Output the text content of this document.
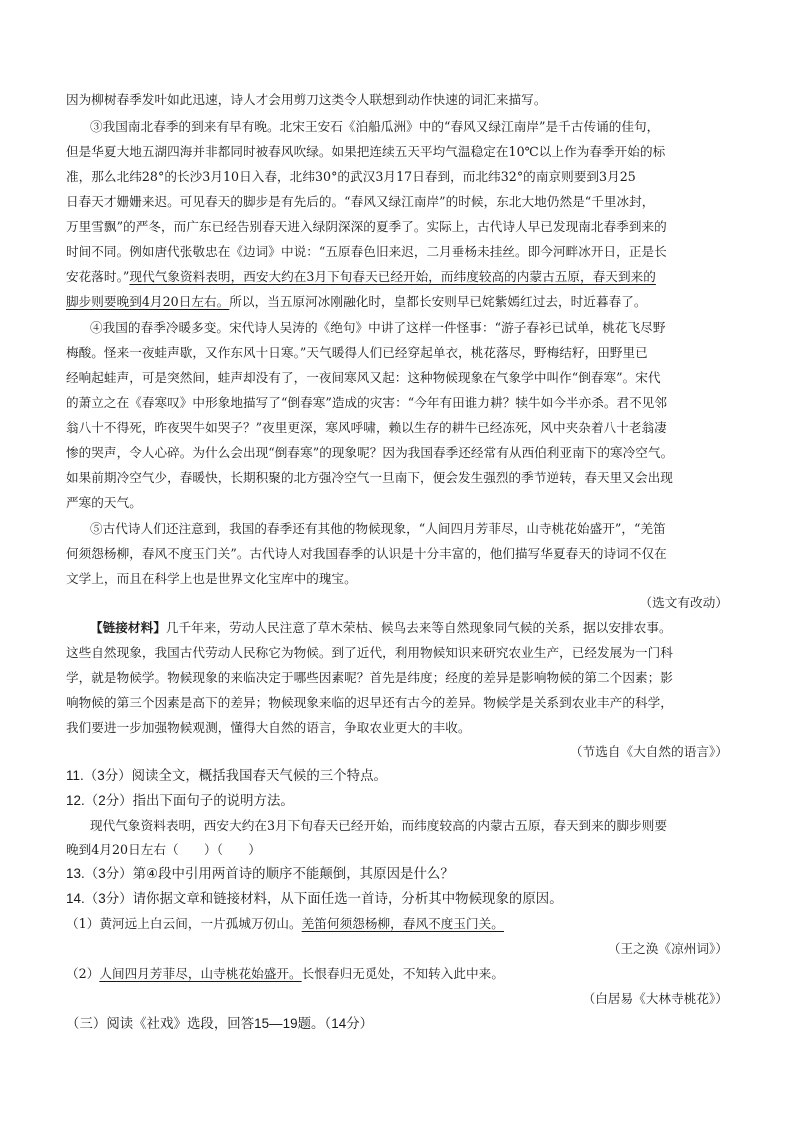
因为柳树春季发叶如此迅速，诗人才会用剪刀这类令人联想到动作快速的词汇来描写。
③我国南北春季的到来有早有晚。北宋王安石《泊船瓜洲》中的“春风又绿江南岸”是千古传诵的佳句，
但是华夏大地五湖四海并非都同时被春风吹绿。如果把连续五天平均气温稳定在10℃以上作为春季开始的标
准，那么北纬28°的长沙3月10日入春，北纬30°的武汉3月17日春到，而北纬32°的南京则要到3月25
日春天才姗姗来迟。可见春天的脚步是有先后的。“春风又绿江南岸”的时候，东北大地仍然是“千里冰封，
万里雪飘”的严冬，而广东已经告别春天进入绿阴深深的夏季了。实际上，古代诗人早已发现南北春季到来的
时间不同。例如唐代张敬忠在《边词》中说：“五原春色旧来迟，二月垂杨未挂丝。即今河畔冰开日，正是长
安花落时。”现代气象资料表明，西安大约在3月下旬春天已经开始，而纬度较高的内蒙古五原，春天到来的
脚步则要晚到4月20日左右。所以，当五原河冰刚融化时，皇都长安则早已姹紫嫣红过去，时近暮春了。
④我国的春季冷暖多变。宋代诗人吴涛的《绝句》中讲了这样一件怪事：“游子春衫已试单，桃花飞尽野
梅酸。怪来一夜蛙声歇，又作东风十日寒。”天气暖得人们已经穿起单衣，桃花落尽，野梅结籽，田野里已
经响起蛙声，可是突然间，蛙声却没有了，一夜间寒风又起：这种物候现象在气象学中叫作“倒春寒”。宋代
的萧立之在《春寒叹》中形象地描写了“倒春寒”造成的灾害：“今年有田谁力耕？犊牛如今半亦杀。君不见邻
翁八十不得死，昨夜哭牛如哭子？”夜里更深，寒风呼啸，赖以生存的耕牛已经冻死，风中夹杂着八十老翁凄
惨的哭声，令人心碎。为什么会出现“倒春寒”的现象呢？因为我国春季还经常有从西伯利亚南下的寒冷空气。
如果前期冷空气少，春暖快，长期积聚的北方强冷空气一旦南下，便会发生强烈的季节逆转，春天里又会出现
严寒的天气。
⑤古代诗人们还注意到，我国的春季还有其他的物候现象，“人间四月芳菲尽，山寺桃花始盛开”，“羌笛
何须怨杨柳，春风不度玉门关”。古代诗人对我国春季的认识是十分丰富的，他们描写华夏春天的诗词不仅在
文学上，而且在科学上也是世界文化宝库中的瑰宝。
（选文有改动）
【链接材料】几千年来，劳动人民注意了草木荣枯、候鸟去来等自然现象同气候的关系，据以安排农事。
这些自然现象，我国古代劳动人民称它为物候。到了近代，利用物候知识来研究农业生产，已经发展为一门科
学，就是物候学。物候现象的来临决定于哪些因素呢？首先是纬度；经度的差异是影响物候的第二个因素；影
响物候的第三个因素是高下的差异；物候现象来临的迟早还有古今的差异。物候学是关系到农业丰产的科学，
我们要进一步加强物候观测，懂得大自然的语言，争取农业更大的丰收。
（节选自《大自然的语言》）
11.（3分）阅读全文，概括我国春天气候的三个特点。
12.（2分）指出下面句子的说明方法。
现代气象资料表明，西安大约在3月下旬春天已经开始，而纬度较高的内蒙古五原，春天到来的脚步则要
晚到4月20日左右（　　）（　　）
13.（3分）第④段中引用两首诗的顺序不能颠倒，其原因是什么？
14.（3分）请你据文章和链接材料，从下面任选一首诗，分析其中物候现象的原因。
（1）黄河远上白云间，一片孤城万仞山。羌笛何须怨杨柳，春风不度玉门关。
（王之涣《凉州词》）
（2）人间四月芳菲尽，山寺桃花始盛开。长恨春归无觅处，不知转入此中来。
（白居易《大林寺桃花》）
（三）阅读《社戏》选段，回答15—19题。（14分）
